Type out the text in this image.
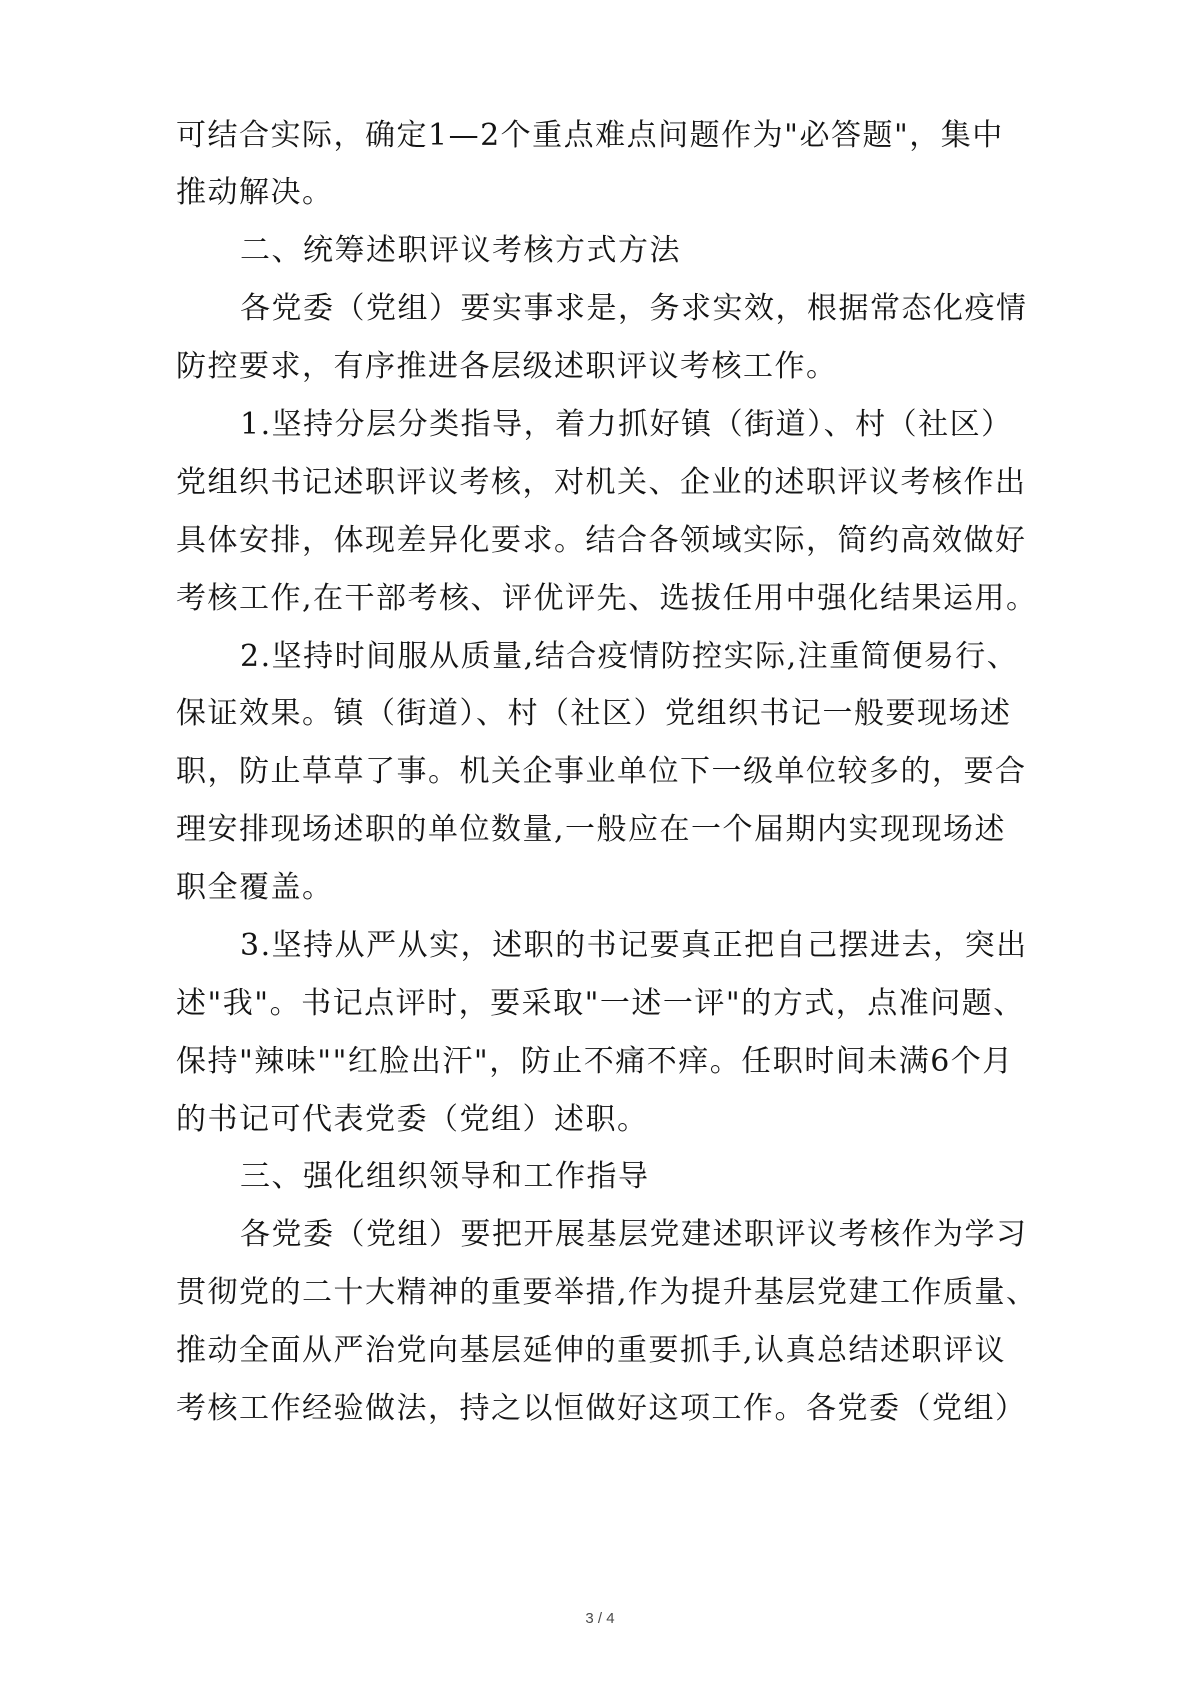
可结合实际，确定1—2个重点难点问题作为"必答题"，集中
推动解决。
二、统筹述职评议考核方式方法
各党委（党组）要实事求是，务求实效，根据常态化疫情
防控要求，有序推进各层级述职评议考核工作。
1.坚持分层分类指导，着力抓好镇（街道）、村（社区）
党组织书记述职评议考核，对机关、企业的述职评议考核作出
具体安排，体现差异化要求。结合各领域实际，简约高效做好
考核工作,在干部考核、评优评先、选拔任用中强化结果运用。
2.坚持时间服从质量,结合疫情防控实际,注重简便易行、
保证效果。镇（街道）、村（社区）党组织书记一般要现场述
职，防止草草了事。机关企事业单位下一级单位较多的，要合
理安排现场述职的单位数量,一般应在一个届期内实现现场述
职全覆盖。
3.坚持从严从实，述职的书记要真正把自己摆进去，突出
述"我"。书记点评时，要采取"一述一评"的方式，点准问题、
保持"辣味""红脸出汗"，防止不痛不痒。任职时间未满6个月
的书记可代表党委（党组）述职。
三、强化组织领导和工作指导
各党委（党组）要把开展基层党建述职评议考核作为学习
贯彻党的二十大精神的重要举措,作为提升基层党建工作质量、
推动全面从严治党向基层延伸的重要抓手,认真总结述职评议
考核工作经验做法，持之以恒做好这项工作。各党委（党组）
3 / 4
